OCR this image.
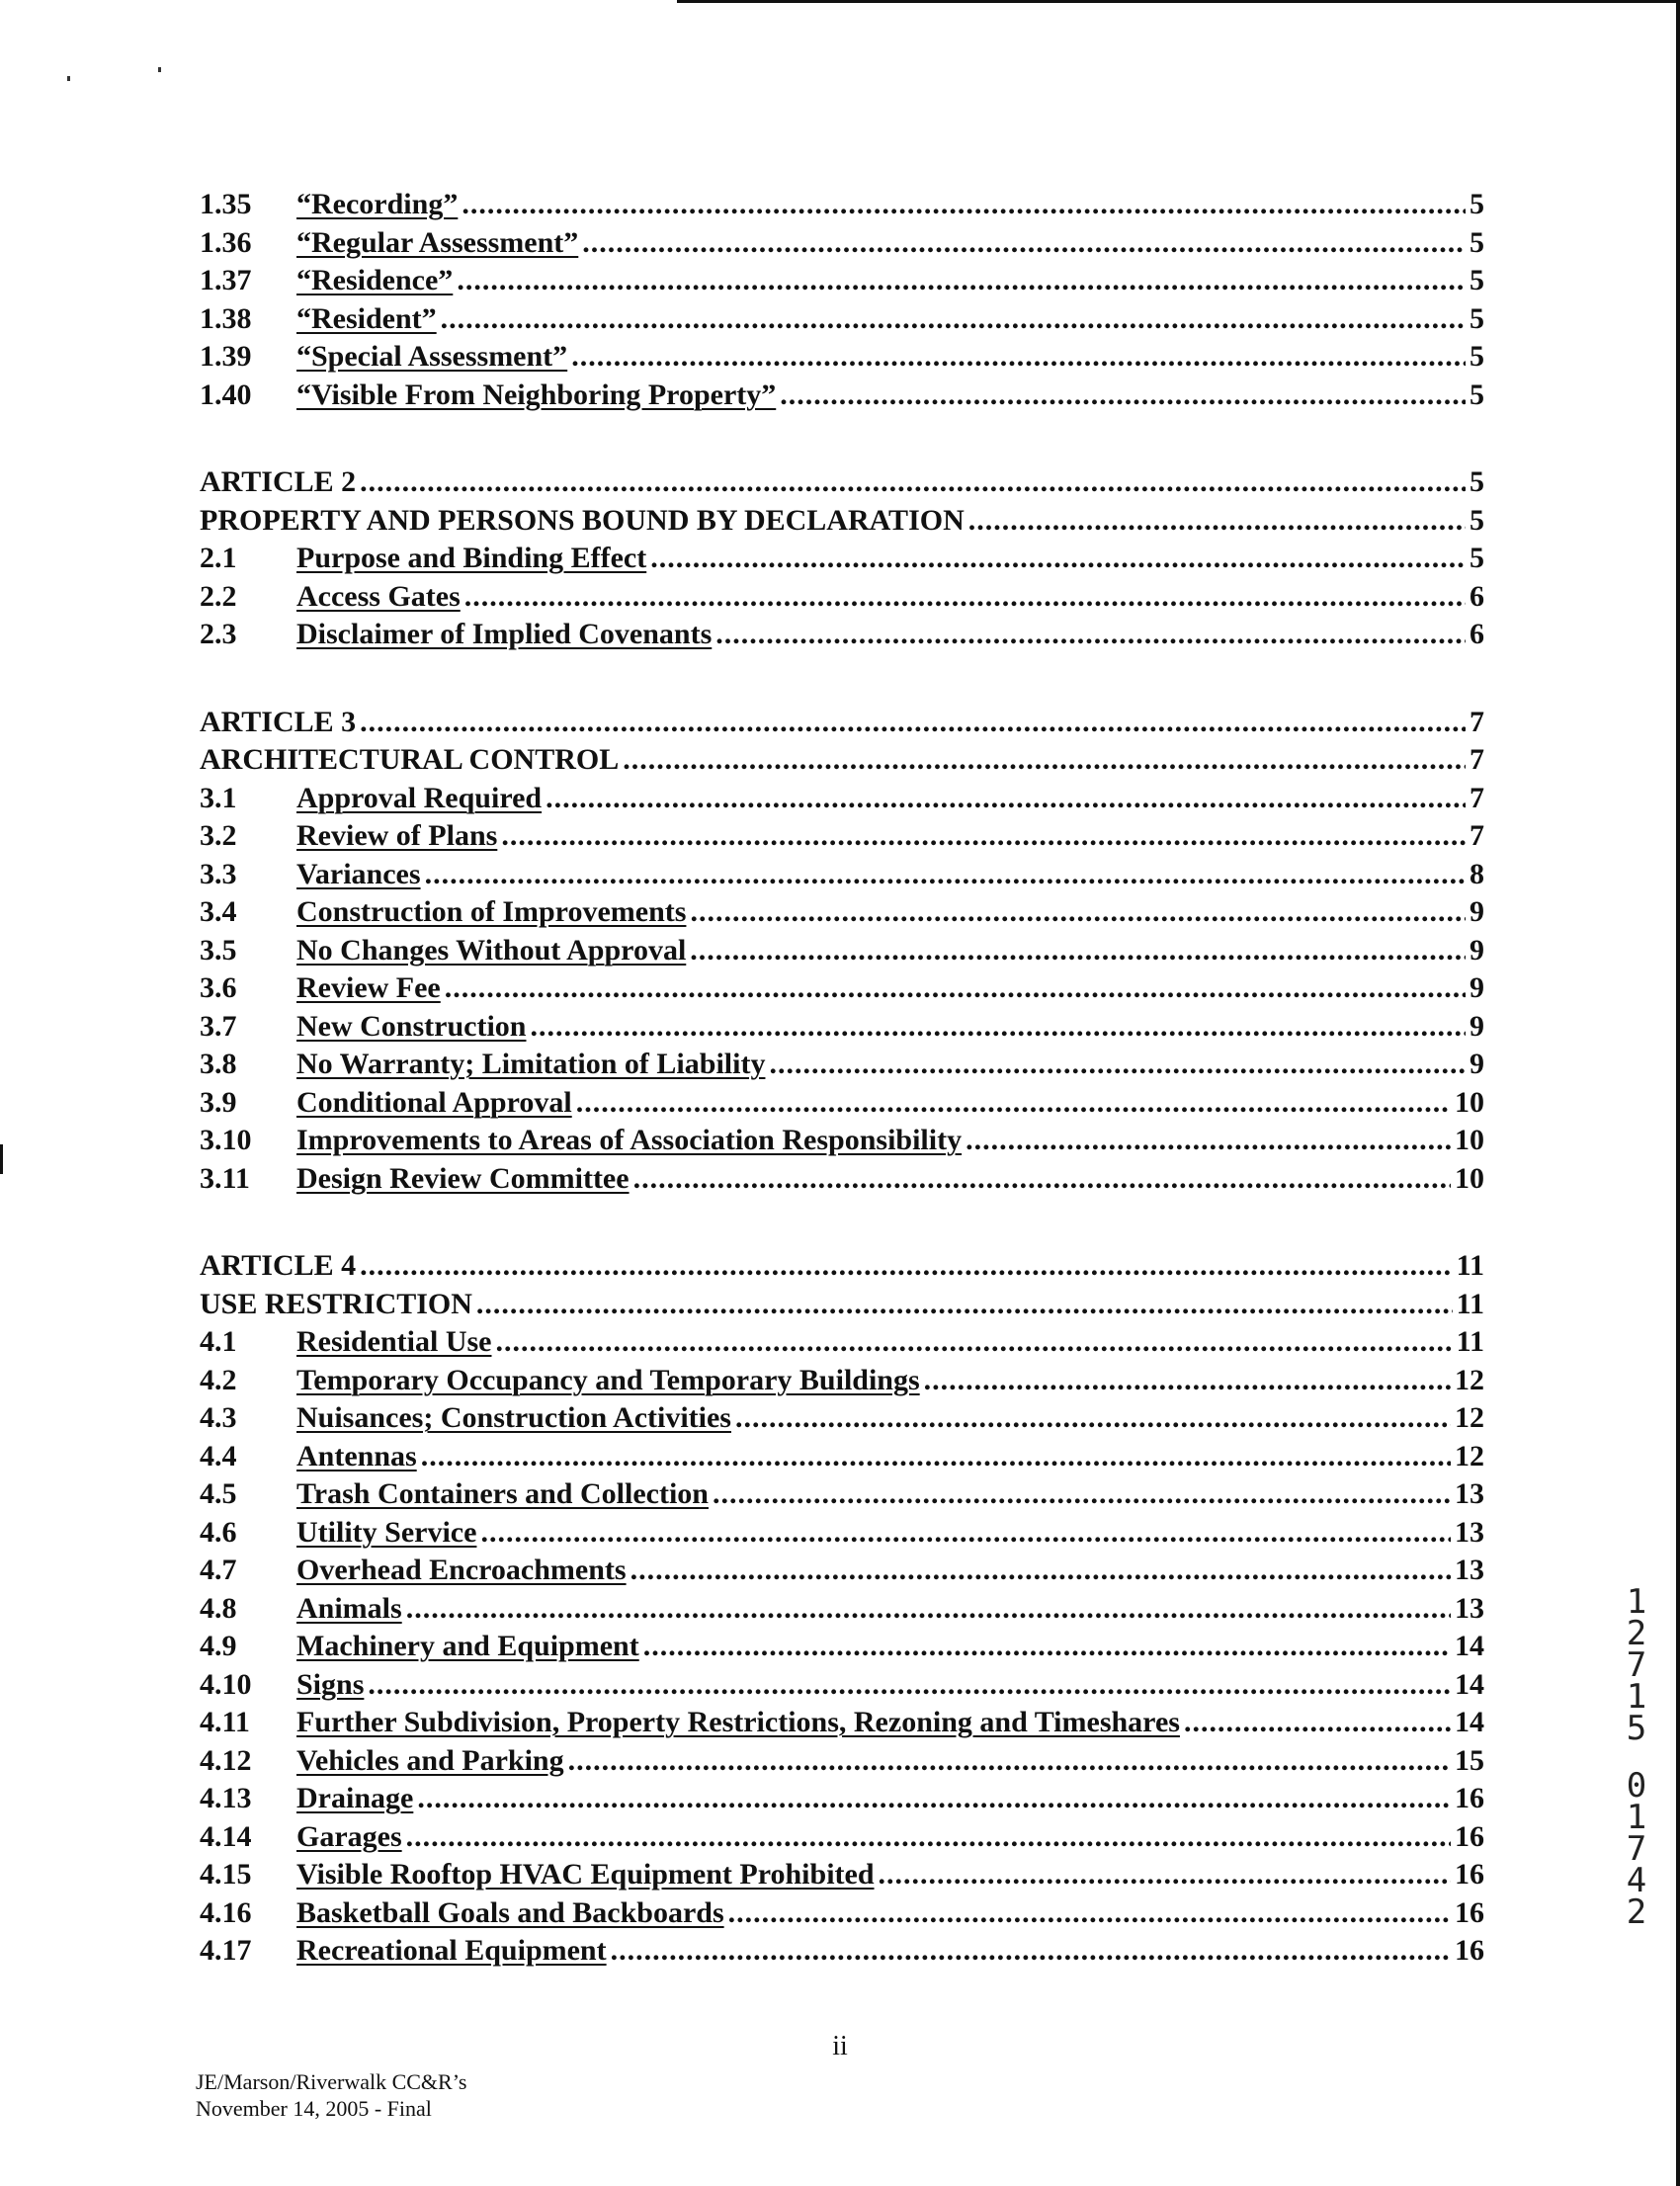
1.35	“Recording” .....	5
1.36	“Regular Assessment” .....	5
1.37	“Residence” .....	5
1.38	“Resident” .....	5
1.39	“Special Assessment” .....	5
1.40	“Visible From Neighboring Property” .....	5
ARTICLE 2 .....	5
PROPERTY AND PERSONS BOUND BY DECLARATION .....	5
2.1	Purpose and Binding Effect .....	5
2.2	Access Gates .....	6
2.3	Disclaimer of Implied Covenants .....	6
ARTICLE 3 .....	7
ARCHITECTURAL CONTROL .....	7
3.1	Approval Required .....	7
3.2	Review of Plans .....	7
3.3	Variances .....	8
3.4	Construction of Improvements .....	9
3.5	No Changes Without Approval .....	9
3.6	Review Fee .....	9
3.7	New Construction .....	9
3.8	No Warranty; Limitation of Liability .....	9
3.9	Conditional Approval .....	10
3.10	Improvements to Areas of Association Responsibility .....	10
3.11	Design Review Committee .....	10
ARTICLE 4 .....	11
USE RESTRICTION .....	11
4.1	Residential Use .....	11
4.2	Temporary Occupancy and Temporary Buildings .....	12
4.3	Nuisances; Construction Activities .....	12
4.4	Antennas .....	12
4.5	Trash Containers and Collection .....	13
4.6	Utility Service .....	13
4.7	Overhead Encroachments .....	13
4.8	Animals .....	13
4.9	Machinery and Equipment .....	14
4.10	Signs .....	14
4.11	Further Subdivision, Property Restrictions, Rezoning and Timeshares .....	14
4.12	Vehicles and Parking .....	15
4.13	Drainage .....	16
4.14	Garages .....	16
4.15	Visible Rooftop HVAC Equipment Prohibited .....	16
4.16	Basketball Goals and Backboards .....	16
4.17	Recreational Equipment .....	16
ii
JE/Marson/Riverwalk CC&R’s
November 14, 2005 - Final
1
2
7
1
5
0
1
7
4
2
